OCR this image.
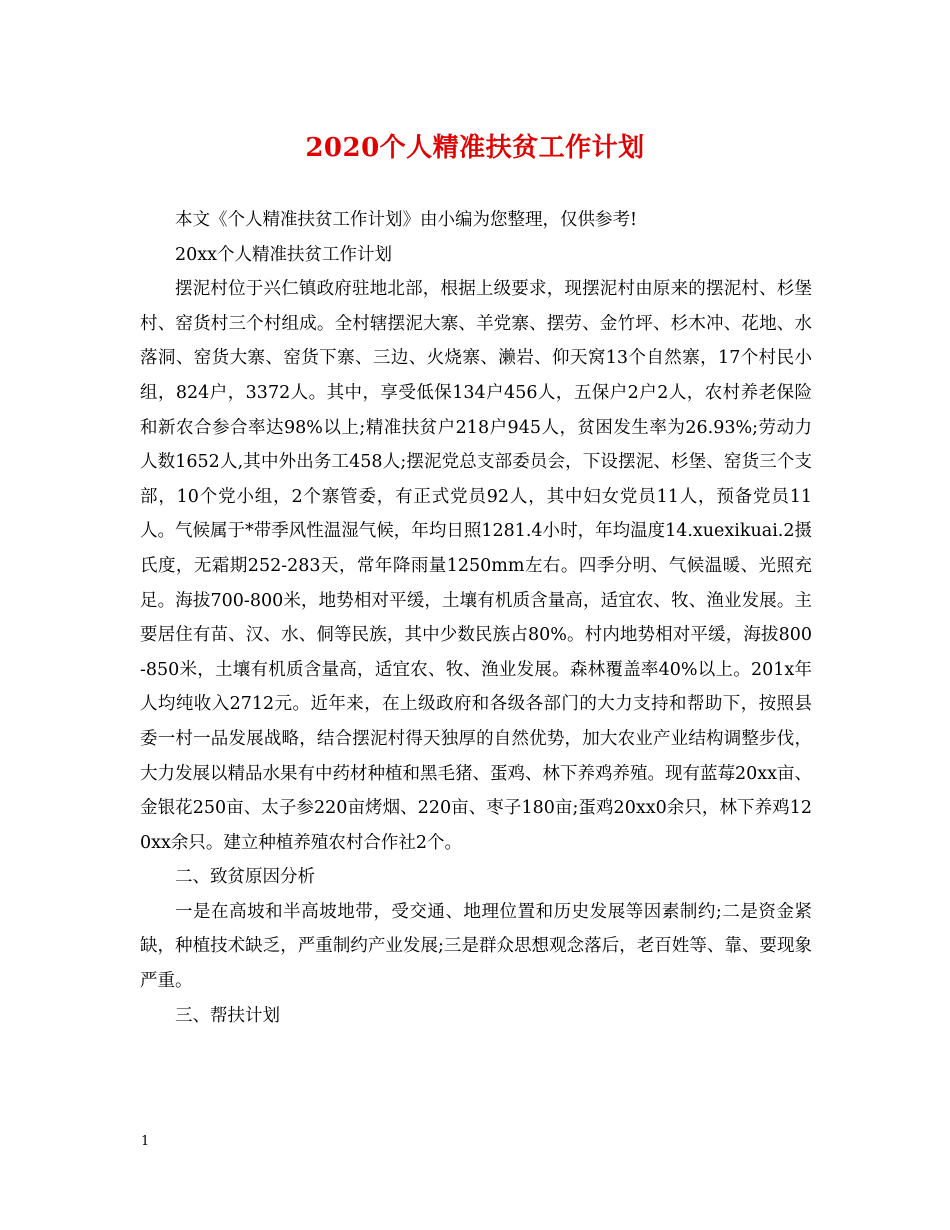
2020个人精准扶贫工作计划

本文《个人精准扶贫工作计划》由小编为您整理，仅供参考!

20xx个人精准扶贫工作计划

摆泥村位于兴仁镇政府驻地北部，根据上级要求，现摆泥村由原来的摆泥村、杉堡村、窑货村三个村组成。全村辖摆泥大寨、羊党寨、摆劳、金竹坪、杉木冲、花地、水落洞、窑货大寨、窑货下寨、三边、火烧寨、濑岩、仰天窝13个自然寨，17个村民小组，824户，3372人。其中，享受低保134户456人，五保户2户2人，农村养老保险和新农合参合率达98%以上;精准扶贫户218户945人，贫困发生率为26.93%;劳动力人数1652人,其中外出务工458人;摆泥党总支部委员会，下设摆泥、杉堡、窑货三个支部，10个党小组，2个寨管委，有正式党员92人，其中妇女党员11人，预备党员11人。气候属于*带季风性温湿气候，年均日照1281.4小时，年均温度14.xuexikuai.2摄氏度，无霜期252-283天，常年降雨量1250mm左右。四季分明、气候温暖、光照充足。海拔700-800米，地势相对平缓，土壤有机质含量高，适宜农、牧、渔业发展。主要居住有苗、汉、水、侗等民族，其中少数民族占80%。村内地势相对平缓，海拔800-850米，土壤有机质含量高，适宜农、牧、渔业发展。森林覆盖率40%以上。201x年人均纯收入2712元。近年来，在上级政府和各级各部门的大力支持和帮助下，按照县委一村一品发展战略，结合摆泥村得天独厚的自然优势，加大农业产业结构调整步伐，大力发展以精品水果有中药材种植和黑毛猪、蛋鸡、林下养鸡养殖。现有蓝莓20xx亩、金银花250亩、太子参220亩烤烟、220亩、枣子180亩;蛋鸡20xx0余只，林下养鸡120xx余只。建立种植养殖农村合作社2个。

二、致贫原因分析

一是在高坡和半高坡地带，受交通、地理位置和历史发展等因素制约;二是资金紧缺，种植技术缺乏，严重制约产业发展;三是群众思想观念落后，老百姓等、靠、要现象严重。

三、帮扶计划

1
